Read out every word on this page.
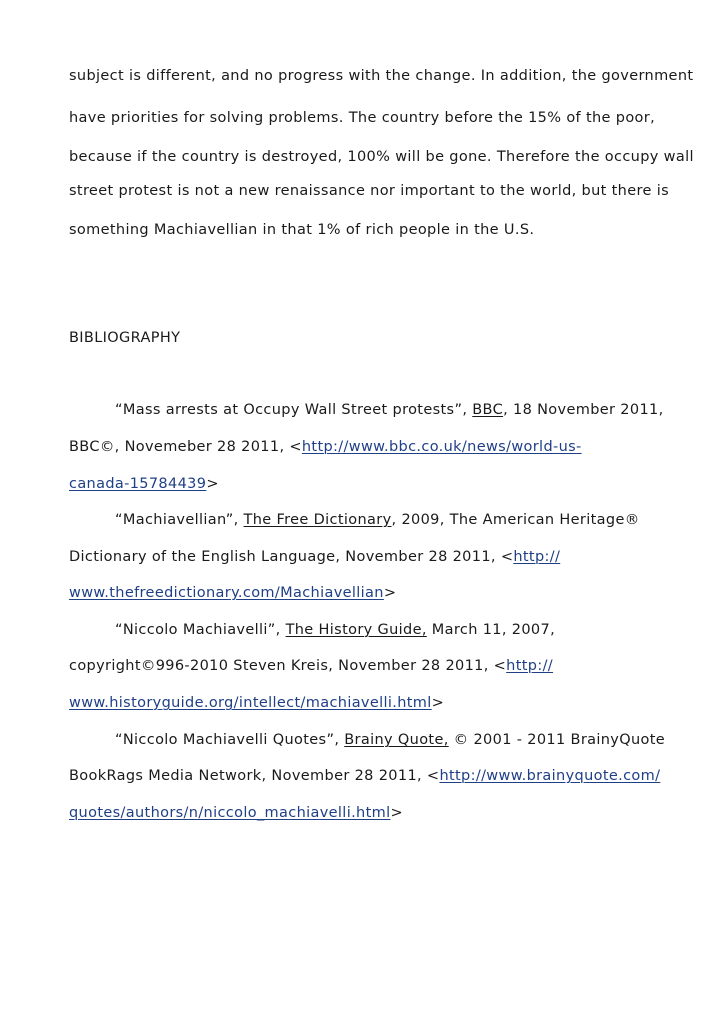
subject is different, and no progress with the change. In addition, the government
have priorities for solving problems. The country before the 15% of the poor,
because if the country is destroyed, 100% will be gone. Therefore the occupy wall
street protest is not a new renaissance nor important to the world, but there is
something Machiavellian in that 1% of rich people in the U.S.
BIBLIOGRAPHY
“Mass arrests at Occupy Wall Street protests”, BBC, 18 November 2011,
BBC©, Novemeber 28 2011, <http://www.bbc.co.uk/news/world-us-
canada-15784439>
“Machiavellian”, The Free Dictionary, 2009, The American Heritage®
Dictionary of the English Language, November 28 2011, <http://
www.thefreedictionary.com/Machiavellian>
“Niccolo Machiavelli”, The History Guide, March 11, 2007,
copyright©996-2010 Steven Kreis, November 28 2011, <http://
www.historyguide.org/intellect/machiavelli.html>
“Niccolo Machiavelli Quotes”, Brainy Quote, © 2001 - 2011 BrainyQuote
BookRags Media Network, November 28 2011, <http://www.brainyquote.com/
quotes/authors/n/niccolo_machiavelli.html>
